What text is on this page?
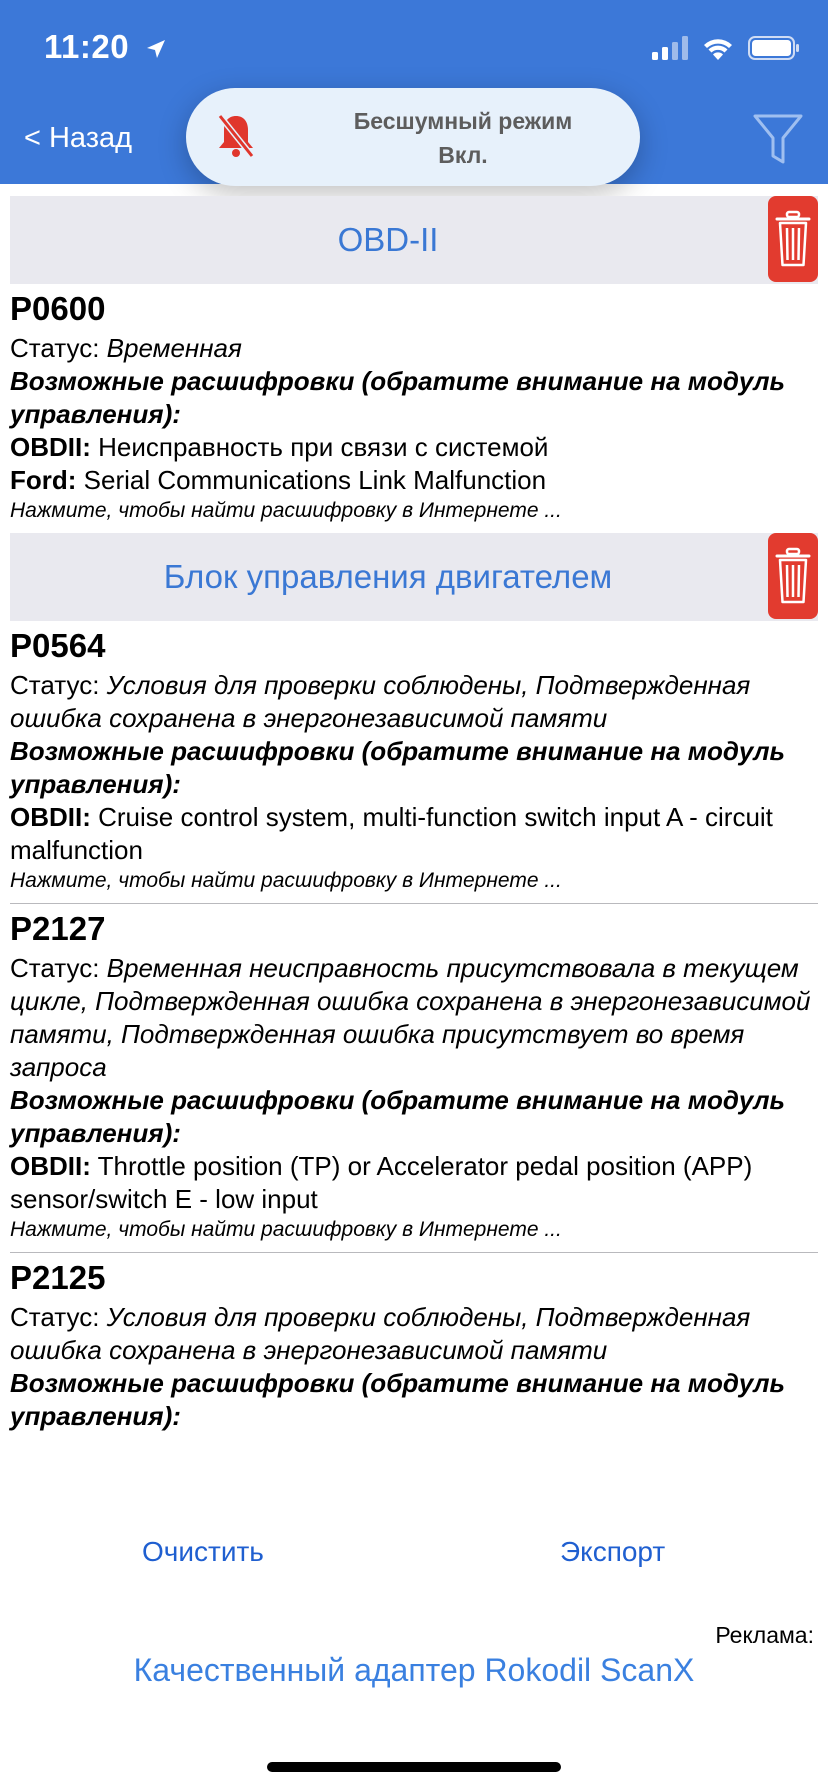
11:20
< Назад
Бесшумный режим
Вкл.
OBD-II
P0600
Статус: Временная
Возможные расшифровки (обратите внимание на модуль управления):
OBDII: Неисправность при связи с системой
Ford: Serial Communications Link Malfunction
Нажмите, чтобы найти расшифровку в Интернете ...
Блок управления двигателем
P0564
Статус: Условия для проверки соблюдены, Подтвержденная ошибка сохранена в энергонезависимой памяти
Возможные расшифровки (обратите внимание на модуль управления):
OBDII: Cruise control system, multi-function switch input A - circuit malfunction
Нажмите, чтобы найти расшифровку в Интернете ...
P2127
Статус: Временная неисправность присутствовала в текущем цикле, Подтвержденная ошибка сохранена в энергонезависимой памяти, Подтвержденная ошибка присутствует во время запроса
Возможные расшифровки (обратите внимание на модуль управления):
OBDII: Throttle position (TP) or Accelerator pedal position (APP) sensor/switch E - low input
Нажмите, чтобы найти расшифровку в Интернете ...
P2125
Статус: Условия для проверки соблюдены, Подтвержденная ошибка сохранена в энергонезависимой памяти
Возможные расшифровки (обратите внимание на модуль управления):
Очистить	Экспорт
Реклама:
Качественный адаптер Rokodil ScanX
